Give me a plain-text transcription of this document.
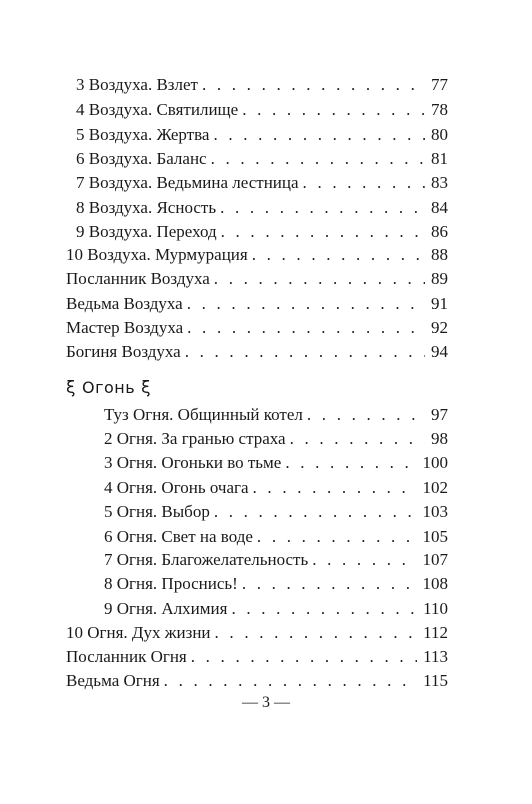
3 Воздуха. Взлет . . .	77
4 Воздуха. Святилище . . .	78
5 Воздуха. Жертва . . .	80
6 Воздуха. Баланс . . .	81
7 Воздуха. Ведьмина лестница . . .	83
8 Воздуха. Ясность . . .	84
9 Воздуха. Переход . . .	86
10 Воздуха. Мурмурация . . .	88
Посланник Воздуха . . .	89
Ведьма Воздуха . . .	91
Мастер Воздуха . . .	92
Богиня Воздуха . . .	94
ξ Огонь ξ
Туз Огня. Общинный котел . . .	97
2 Огня. За гранью страха . . .	98
3 Огня. Огоньки во тьме . . .	100
4 Огня. Огонь очага . . .	102
5 Огня. Выбор . . .	103
6 Огня. Свет на воде . . .	105
7 Огня. Благожелательность . . .	107
8 Огня. Проснись! . . .	108
9 Огня. Алхимия . . .	110
10 Огня. Дух жизни . . .	112
Посланник Огня . . .	113
Ведьма Огня . . .	115
— 3 —
